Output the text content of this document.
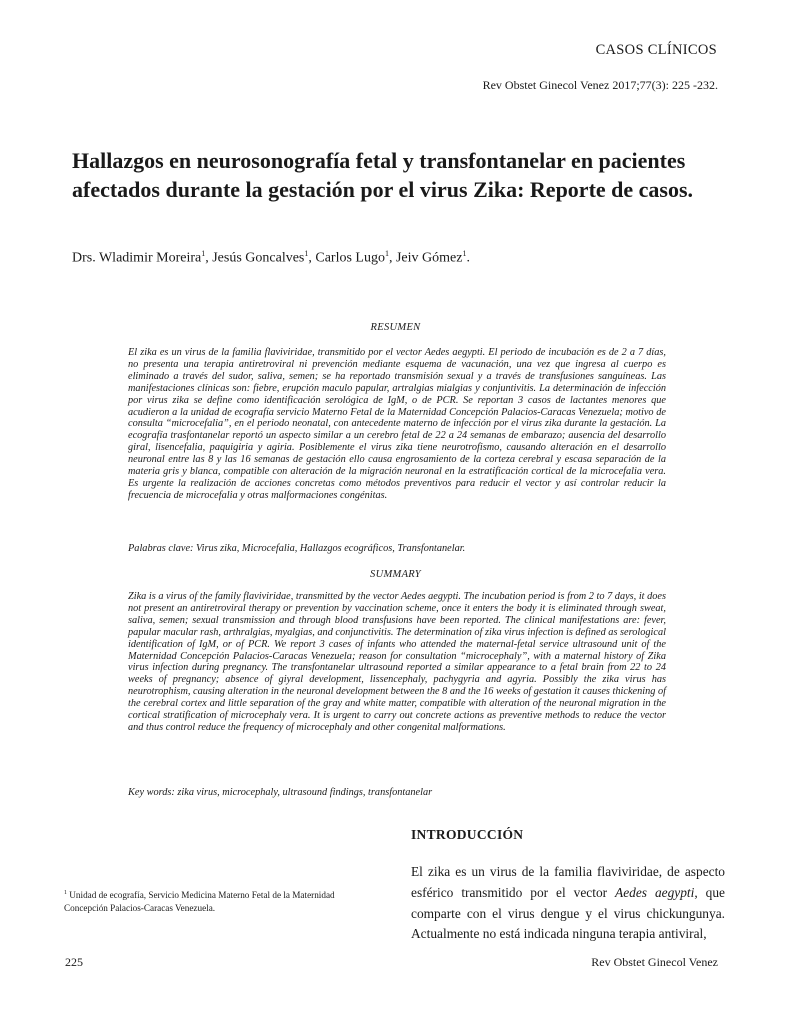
CASOS CLÍNICOS
Rev Obstet Ginecol Venez 2017;77(3): 225 -232.
Hallazgos en neurosonografía fetal y transfontanelar en pacientes afectados durante la gestación por el virus Zika: Reporte de casos.
Drs. Wladimir Moreira$^1$, Jesús Goncalves$^1$, Carlos Lugo$^1$, Jeiv Gómez$^1$.
RESUMEN

El zika es un virus de la familia flaviviridae, transmitido por el vector Aedes aegypti. El periodo de incubación es de 2 a 7 días, no presenta una terapia antiretroviral ni prevención mediante esquema de vacunación, una vez que ingresa al cuerpo es eliminado a través del sudor, saliva, semen; se ha reportado transmisión sexual y a través de transfusiones sanguíneas. Las manifestaciones clínicas son: fiebre, erupción maculo papular, artralgias mialgias y conjuntivitis. La determinación de infección por virus zika se define como identificación serológica de IgM, o de PCR. Se reportan 3 casos de lactantes menores que acudieron a la unidad de ecografía servicio Materno Fetal de la Maternidad Concepción Palacios-Caracas Venezuela; motivo de consulta “microcefalia”, en el periodo neonatal, con antecedente materno de infección por el virus zika durante la gestación. La ecografía trasfontanelar reportó un aspecto similar a un cerebro fetal de 22 a 24 semanas de embarazo; ausencia del desarrollo giral, lisencefalia, paquigiria y agiria. Posiblemente el virus zika tiene neurotrofismo, causando alteración en el desarrollo neuronal entre las 8 y las 16 semanas de gestación ello causa engrosamiento de la corteza cerebral y escasa separación de la materia gris y blanca, compatible con alteración de la migración neuronal en la estratificación cortical de la microcefalia vera. Es urgente la realización de acciones concretas como métodos preventivos para reducir el vector y así controlar reducir la frecuencia de microcefalia y otras malformaciones congénitas.

Palabras clave: Virus zika, Microcefalia, Hallazgos ecográficos, Transfontanelar.
SUMMARY

Zika is a virus of the family flaviviridae, transmitted by the vector Aedes aegypti. The incubation period is from 2 to 7 days, it does not present an antiretroviral therapy or prevention by vaccination scheme, once it enters the body it is eliminated through sweat, saliva, semen; sexual transmission and through blood transfusions have been reported. The clinical manifestations are: fever, papular macular rash, arthralgias, myalgias, and conjunctivitis. The determination of zika virus infection is defined as serological identification of IgM, or of PCR. We report 3 cases of infants who attended the maternal-fetal service ultrasound unit of the Maternidad Concepción Palacios-Caracas Venezuela; reason for consultation “microcephaly”, with a maternal history of Zika virus infection during pregnancy. The transfontanelar ultrasound reported a similar appearance to a fetal brain from 22 to 24 weeks of pregnancy; absence of giyral development, lissencephaly, pachygyria and agyria. Possibly the zika virus has neurotrophism, causing alteration in the neuronal development between the 8 and the 16 weeks of gestation it causes thickening of the cerebral cortex and little separation of the gray and white matter, compatible with alteration of the neuronal migration in the cortical stratification of microcephaly vera. It is urgent to carry out concrete actions as preventive methods to reduce the vector and thus control reduce the frequency of microcephaly and other congenital malformations.

Key words: zika virus, microcephaly, ultrasound findings, transfontanelar
INTRODUCCIÓN

El zika es un virus de la familia flaviviridae, de aspecto esférico transmitido por el vector Aedes aegypti, que comparte con el virus dengue y el virus chickungunya. Actualmente no está indicada ninguna terapia antiviral,

$^1$ Unidad de ecografía, Servicio Medicina Materno Fetal de la Maternidad Concepción Palacios-Caracas Venezuela.

225	Rev Obstet Ginecol Venez
